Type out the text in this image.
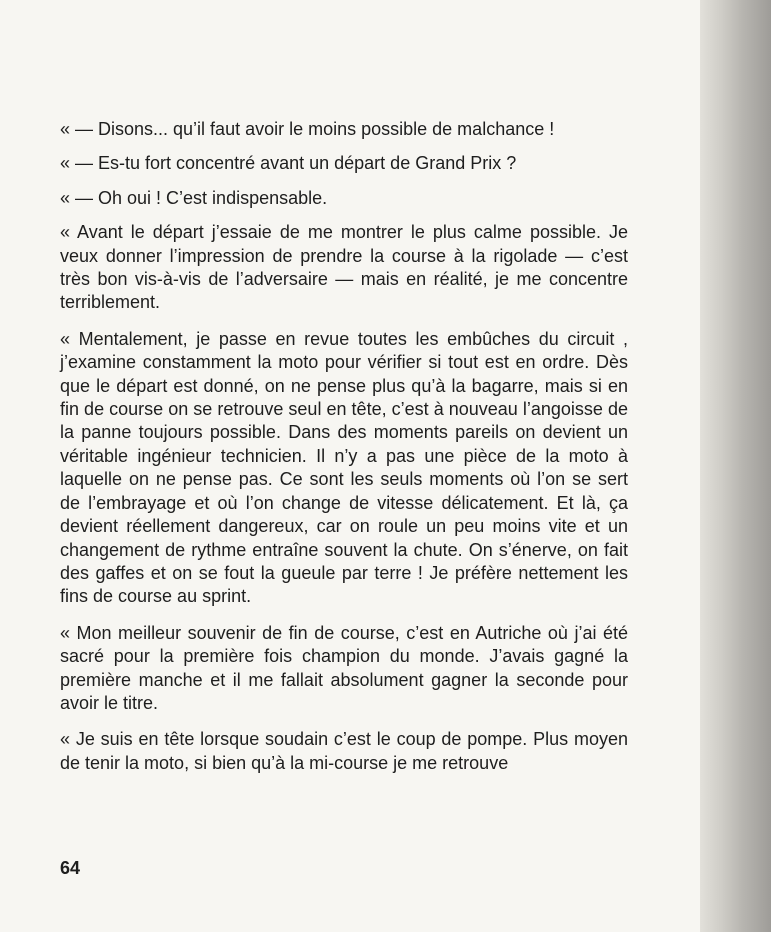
« — Disons... qu’il faut avoir le moins possible de malchance !

« — Es-tu fort concentré avant un départ de Grand Prix ?

« — Oh oui ! C’est indispensable.

« Avant le départ j’essaie de me montrer le plus calme possible. Je veux donner l’impression de prendre la course à la rigolade — c’est très bon vis-à-vis de l’adversaire — mais en réalité, je me concentre terriblement.

« Mentalement, je passe en revue toutes les embûches du circuit , j’examine constamment la moto pour vérifier si tout est en ordre. Dès que le départ est donné, on ne pense plus qu’à la bagarre, mais si en fin de course on se retrouve seul en tête, c’est à nouveau l’angoisse de la panne toujours possible. Dans des moments pareils on devient un véritable ingénieur technicien. Il n’y a pas une pièce de la moto à laquelle on ne pense pas. Ce sont les seuls moments où l’on se sert de l’embrayage et où l’on change de vitesse délicatement. Et là, ça devient réellement dangereux, car on roule un peu moins vite et un changement de rythme entraîne souvent la chute. On s’énerve, on fait des gaffes et on se fout la gueule par terre ! Je préfère nettement les fins de course au sprint.

« Mon meilleur souvenir de fin de course, c’est en Autriche où j’ai été sacré pour la première fois champion du monde. J’avais gagné la première manche et il me fallait absolument gagner la seconde pour avoir le titre.

« Je suis en tête lorsque soudain c’est le coup de pompe. Plus moyen de tenir la moto, si bien qu’à la mi-course je me retrouve

64
